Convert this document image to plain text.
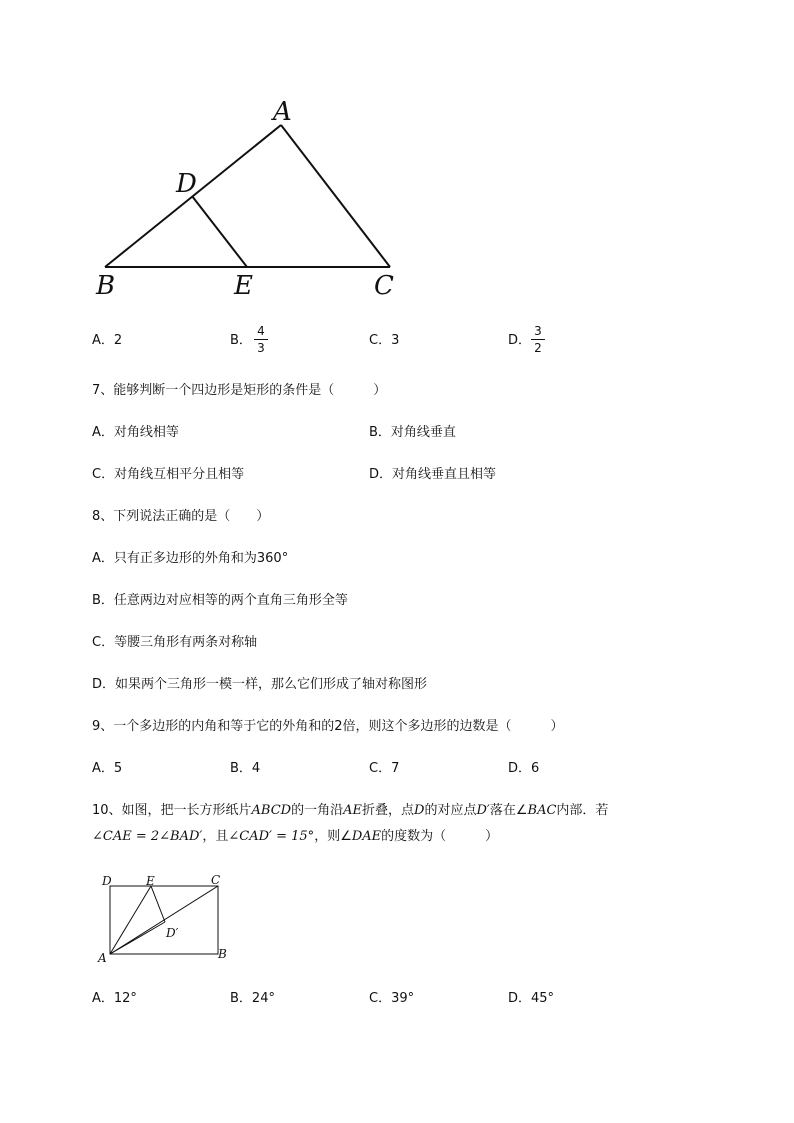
A
D
B	E	C
A．2	B．
4
3	C．3	D．
3
2
7、能够判断一个四边形是矩形的条件是（　　　）
A．对角线相等	B．对角线垂直
C．对角线互相平分且相等	D．对角线垂直且相等
8、下列说法正确的是（　　）
A．只有正多边形的外角和为360°
B．任意两边对应相等的两个直角三角形全等
C．等腰三角形有两条对称轴
D．如果两个三角形一模一样，那么它们形成了轴对称图形
9、一个多边形的内角和等于它的外角和的2倍，则这个多边形的边数是（　　　）
A．5	B．4	C．7	D．6
10、如图，把一长方形纸片ABCD的一角沿AE折叠，点D的对应点D′落在∠BAC内部．若
∠CAE = 2∠BAD′，且∠CAD′ = 15°，则∠DAE的度数为（　　　）
D	E	C
D′
A	B
A．12°	B．24°	C．39°	D．45°
